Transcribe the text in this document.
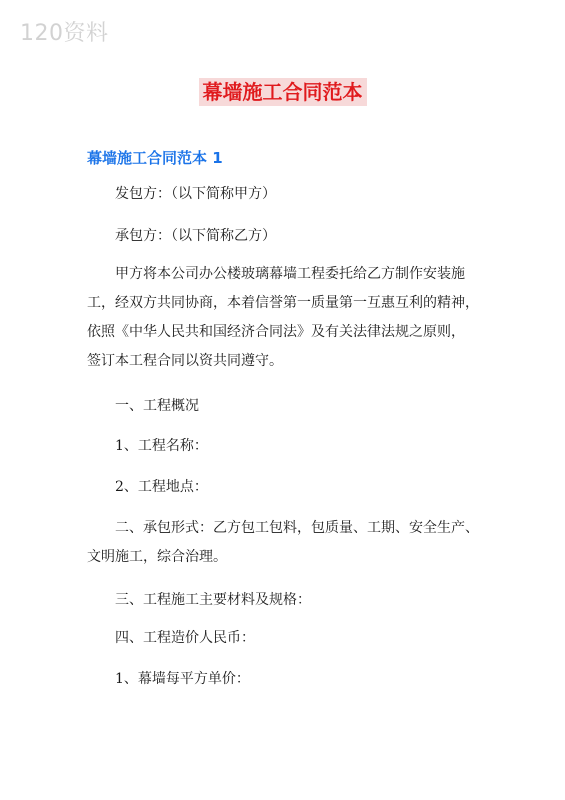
120资料
幕墙施工合同范本
幕墙施工合同范本 1
　　发包方：（以下简称甲方）
　　承包方：（以下简称乙方）
　　甲方将本公司办公楼玻璃幕墙工程委托给乙方制作安装施
工，经双方共同协商，本着信誉第一质量第一互惠互利的精神，
依照《中华人民共和国经济合同法》及有关法律法规之原则，
签订本工程合同以资共同遵守。
　　一、工程概况
　　1、工程名称：
　　2、工程地点：
　　二、承包形式：乙方包工包料，包质量、工期、安全生产、
文明施工，综合治理。
　　三、工程施工主要材料及规格：
　　四、工程造价人民币：
　　1、幕墙每平方单价：
